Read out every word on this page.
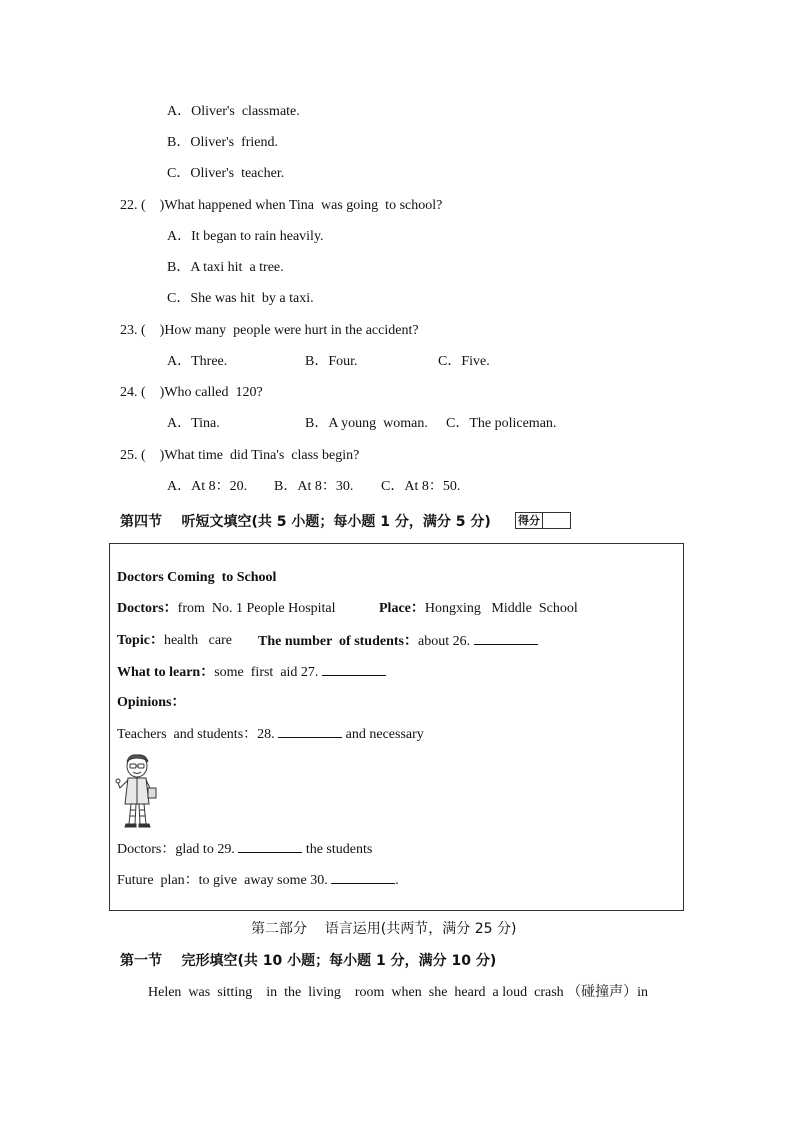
A．Oliver's  classmate.
B．Oliver's  friend.
C．Oliver's  teacher.
22. (    )What happened when Tina  was going  to school?
A．It began to rain heavily.
B．A taxi hit  a tree.
C．She was hit  by a taxi.
23. (    )How many  people were hurt in the accident?
A．Three.	B．Four.	C．Five.
24. (    )Who called  120?
A．Tina.	B．A young  woman. C．The policeman.
25. (    )What time  did Tina's  class begin?
A．At 8：20. B．At 8：30. C．At 8：50.
第四节    听短文填空(共 5 小题；每小题 1 分，满分 5 分) 得分
Doctors Coming  to School
Doctors：from  No. 1 People Hospital	Place：Hongxing   Middle  School
Topic：health   care The number  of students：about 26.
What to learn：some  first  aid 27.
Opinions：
Teachers  and students：28.	and necessary
Doctors：glad to 29.	the students
Future  plan：to give  away some 30.	.
第二部分    语言运用(共两节，满分 25 分)
第一节    完形填空(共 10 小题；每小题 1 分，满分 10 分)
Helen  was  sitting    in  the  living    room  when  she  heard  a loud  crash （碰撞声）in
